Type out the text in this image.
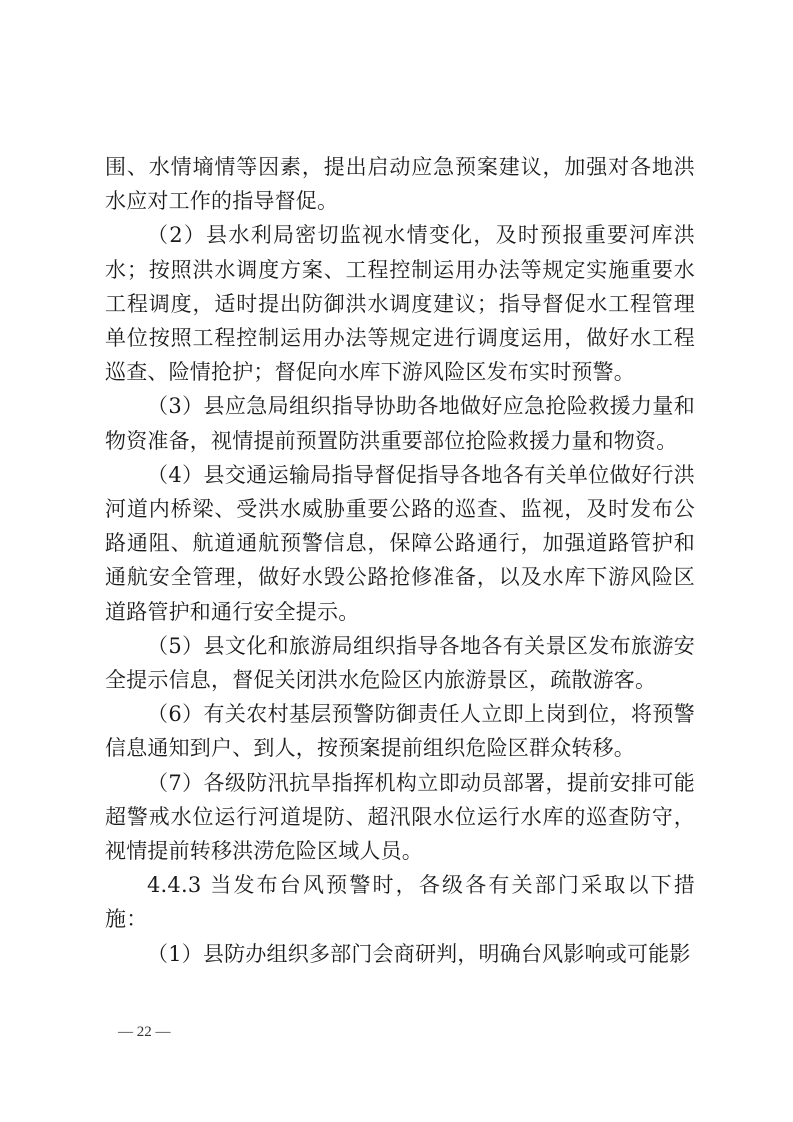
围、水情墒情等因素，提出启动应急预案建议，加强对各地洪水应对工作的指导督促。

（2）县水利局密切监视水情变化，及时预报重要河库洪水；按照洪水调度方案、工程控制运用办法等规定实施重要水工程调度，适时提出防御洪水调度建议；指导督促水工程管理单位按照工程控制运用办法等规定进行调度运用，做好水工程巡查、险情抢护；督促向水库下游风险区发布实时预警。

（3）县应急局组织指导协助各地做好应急抢险救援力量和物资准备，视情提前预置防洪重要部位抢险救援力量和物资。

（4）县交通运输局指导督促指导各地各有关单位做好行洪河道内桥梁、受洪水威胁重要公路的巡查、监视，及时发布公路通阻、航道通航预警信息，保障公路通行，加强道路管护和通航安全管理，做好水毁公路抢修准备，以及水库下游风险区道路管护和通行安全提示。

（5）县文化和旅游局组织指导各地各有关景区发布旅游安全提示信息，督促关闭洪水危险区内旅游景区，疏散游客。

（6）有关农村基层预警防御责任人立即上岗到位，将预警信息通知到户、到人，按预案提前组织危险区群众转移。

（7）各级防汛抗旱指挥机构立即动员部署，提前安排可能超警戒水位运行河道堤防、超汛限水位运行水库的巡查防守，视情提前转移洪涝危险区域人员。

4.4.3 当发布台风预警时，各级各有关部门采取以下措施：

（1）县防办组织多部门会商研判，明确台风影响或可能影

— 22 —
